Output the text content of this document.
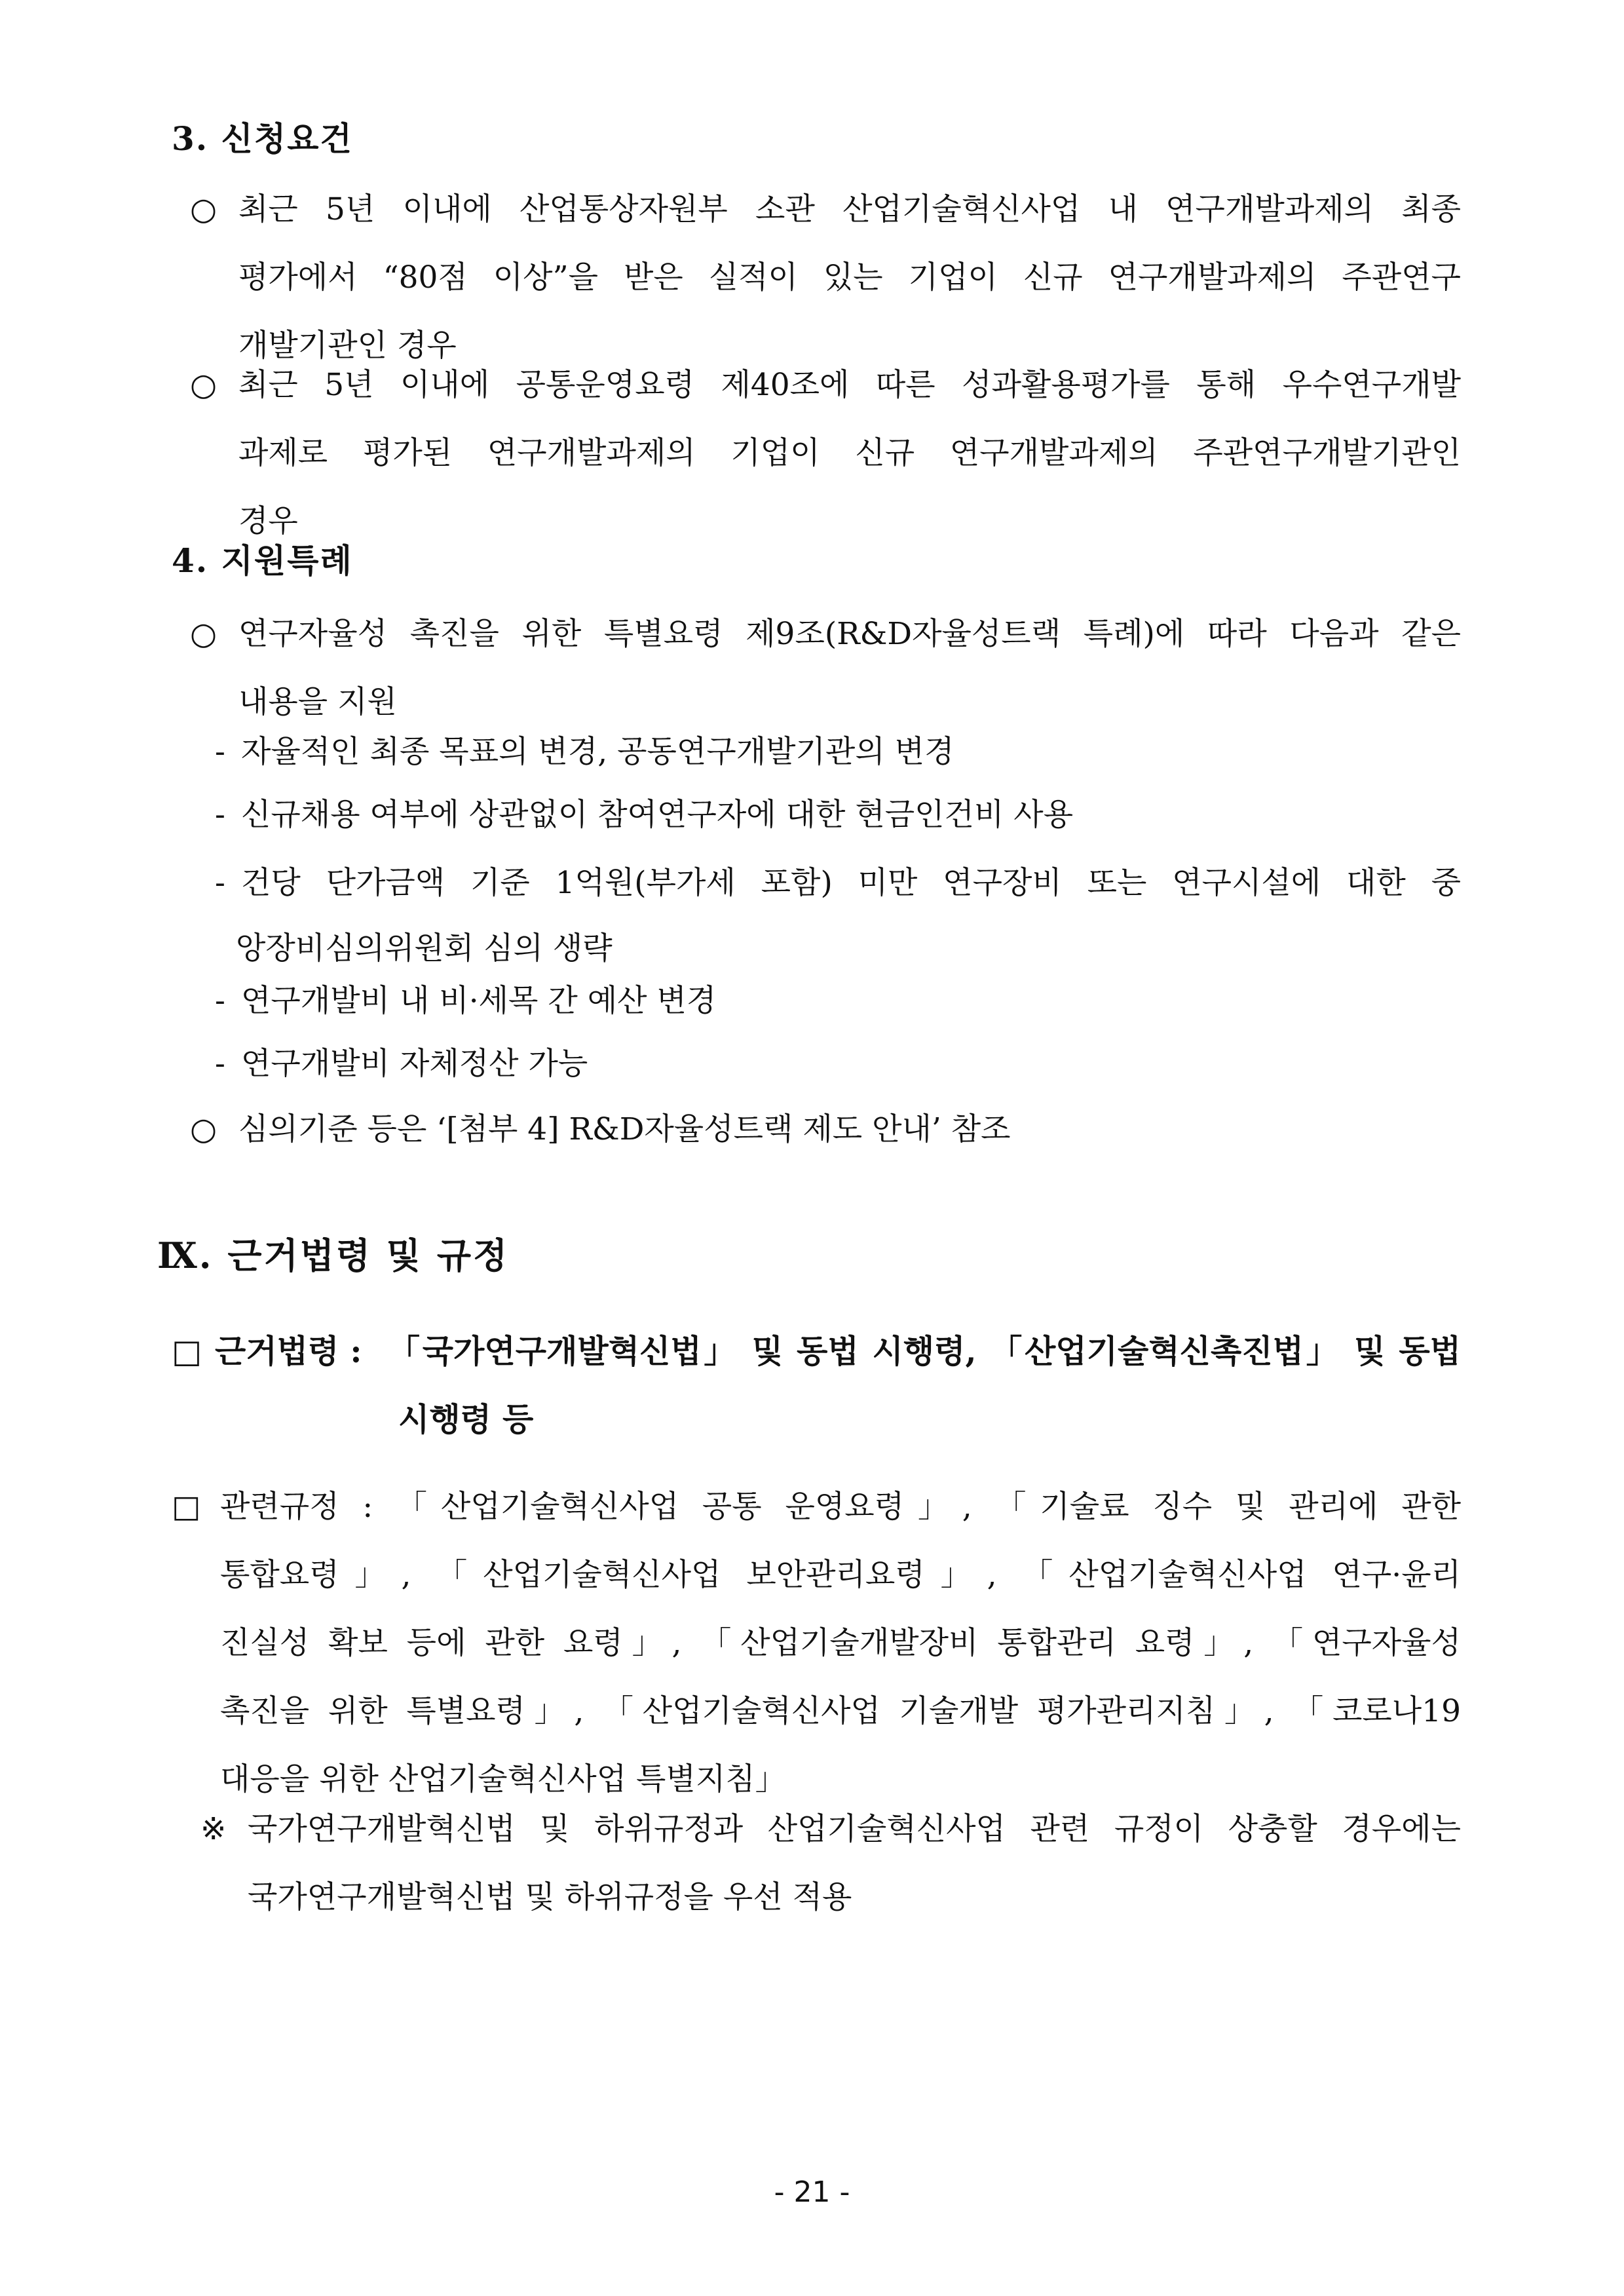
3. 신청요건
○ 최근 5년 이내에 산업통상자원부 소관 산업기술혁신사업 내 연구개발과제의 최종
평가에서 “80점 이상”을 받은 실적이 있는 기업이 신규 연구개발과제의 주관연구
개발기관인 경우
○ 최근 5년 이내에 공통운영요령 제40조에 따른 성과활용평가를 통해 우수연구개발
과제로 평가된 연구개발과제의 기업이 신규 연구개발과제의 주관연구개발기관인
경우
4. 지원특례
○ 연구자율성 촉진을 위한 특별요령 제9조(R&D자율성트랙 특례)에 따라 다음과 같은
내용을 지원
- 자율적인 최종 목표의 변경, 공동연구개발기관의 변경
- 신규채용 여부에 상관없이 참여연구자에 대한 현금인건비 사용
- 건당 단가금액 기준 1억원(부가세 포함) 미만 연구장비 또는 연구시설에 대한 중
앙장비심의위원회 심의 생략
- 연구개발비 내 비·세목 간 예산 변경
- 연구개발비 자체정산 가능
○ 심의기준 등은 ‘[첨부 4] R&D자율성트랙 제도 안내’ 참조
Ⅸ. 근거법령 및 규정
□ 근거법령 : 「국가연구개발혁신법」 및 동법 시행령, 「산업기술혁신촉진법」 및 동법
시행령 등
□ 관련규정 : 「산업기술혁신사업 공통 운영요령」, 「기술료 징수 및 관리에 관한
통합요령」, 「산업기술혁신사업 보안관리요령」, 「산업기술혁신사업 연구·윤리
진실성 확보 등에 관한 요령」, 「산업기술개발장비 통합관리 요령」, 「연구자율성
촉진을 위한 특별요령」, 「산업기술혁신사업 기술개발 평가관리지침」, 「코로나19
대응을 위한 산업기술혁신사업 특별지침」
※ 국가연구개발혁신법 및 하위규정과 산업기술혁신사업 관련 규정이 상충할 경우에는
국가연구개발혁신법 및 하위규정을 우선 적용
- 21 -
